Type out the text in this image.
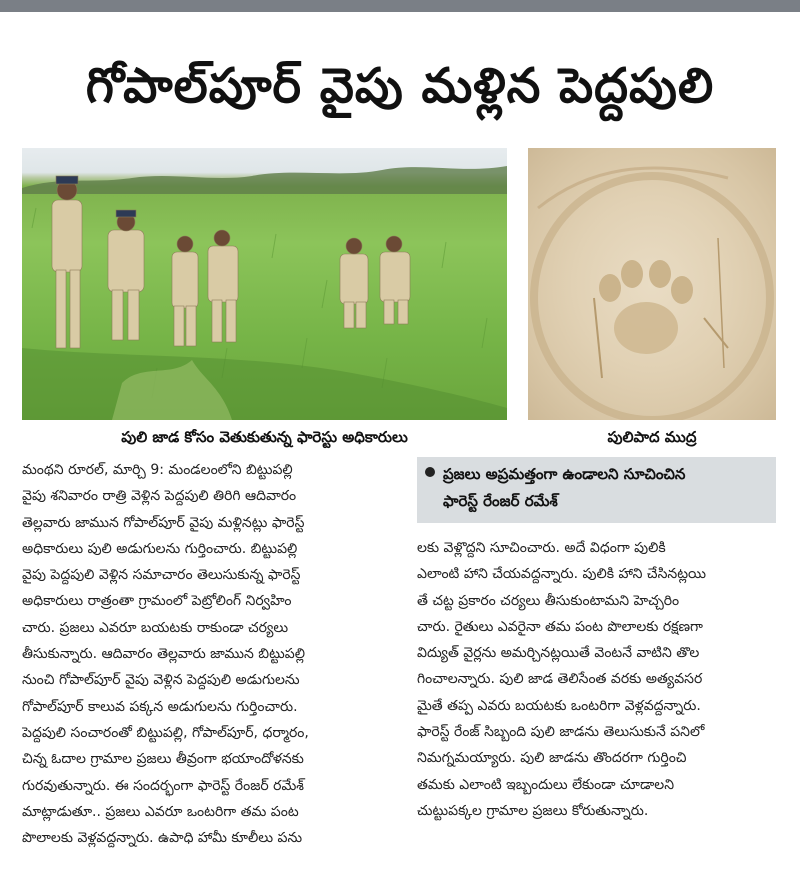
గోపాల్‌పూర్ వైపు మళ్లిన పెద్దపులి
పులి జాడ కోసం వెతుకుతున్న ఫారెస్టు అధికారులు	పులిపాద ముద్ర

మంథని రూరల్, మార్చి 9: మండలంలోని బిట్టుపల్లి

వైపు శనివారం రాత్రి వెళ్లిన పెద్దపులి తిరిగి ఆదివారం

తెల్లవారు జామున గోపాల్‌పూర్ వైపు మళ్లినట్లు ఫారెస్ట్

అధికారులు పులి అడుగులను గుర్తించారు. బిట్టుపల్లి

వైపు పెద్దపులి వెళ్లిన సమాచారం తెలుసుకున్న ఫారెస్ట్

అధికారులు రాత్రంతా గ్రామంలో పెట్రోలింగ్ నిర్వహిం

చారు. ప్రజలు ఎవరూ బయటకు రాకుండా చర్యలు

తీసుకున్నారు. ఆదివారం తెల్లవారు జామున బిట్టుపల్లి

నుంచి గోపాల్‌పూర్ వైపు వెళ్లిన పెద్దపులి అడుగులను

గోపాల్‌పూర్ కాలువ పక్కన అడుగులను గుర్తించారు.

పెద్దపులి సంచారంతో బిట్టుపల్లి, గోపాల్‌పూర్, ధర్మారం,

చిన్న ఓదాల గ్రామాల ప్రజలు తీవ్రంగా భయాందోళనకు

గురవుతున్నారు. ఈ సందర్భంగా ఫారెస్ట్ రేంజర్ రమేశ్

మాట్లాడుతూ.. ప్రజలు ఎవరూ ఒంటరిగా తమ పంట

పొలాలకు వెళ్లవద్దన్నారు. ఉపాధి హామీ కూలీలు పను

ప్రజలు అప్రమత్తంగా ఉండాలని సూచించిన
ఫారెస్ట్ రేంజర్ రమేశ్

లకు వెళ్లొద్దని సూచించారు. అదే విధంగా పులికి

ఎలాంటి హాని చేయవద్దన్నారు. పులికి హాని చేసినట్లయి

తే చట్ట ప్రకారం చర్యలు తీసుకుంటామని హెచ్చరిం

చారు. రైతులు ఎవరైనా తమ పంట పొలాలకు రక్షణగా

విద్యుత్ వైర్లను అమర్చినట్లయితే వెంటనే వాటిని తొల

గించాలన్నారు. పులి జాడ తెలిసేంత వరకు అత్యవసర

మైతే తప్ప ఎవరు బయటకు ఒంటరిగా వెళ్లవద్దన్నారు.

ఫారెస్ట్ రేంజ్ సిబ్బంది పులి జాడను తెలుసుకునే పనిలో

నిమగ్నమయ్యారు. పులి జాడను తొందరగా గుర్తించి

తమకు ఎలాంటి ఇబ్బందులు లేకుండా చూడాలని

చుట్టుపక్కల గ్రామాల ప్రజలు కోరుతున్నారు.
